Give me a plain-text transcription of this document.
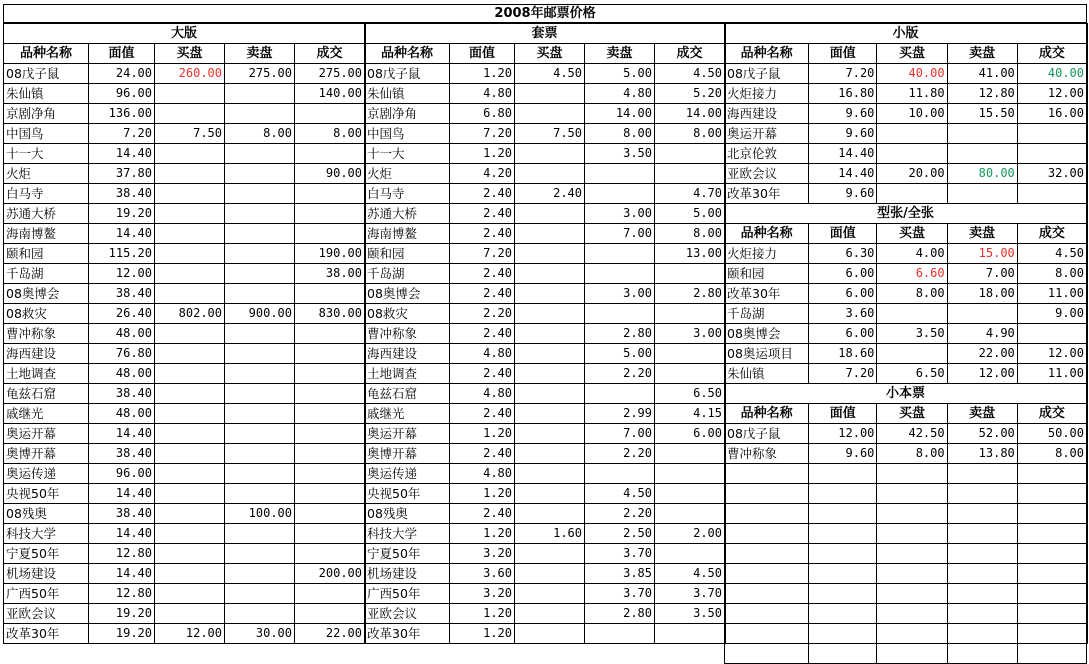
2008年邮票价格
大版				
品种名称	面值	买盘	卖盘	成交
08戊子鼠	24.00	260.00	275.00	275.00
朱仙镇	96.00			140.00
京剧净角	136.00			
中国鸟	7.20	7.50	8.00	8.00
十一大	14.40			
火炬	37.80			90.00
白马寺	38.40			
苏通大桥	19.20			
海南博鳌	14.40			
颐和园	115.20			190.00
千岛湖	12.00			38.00
08奥博会	38.40			
08救灾	26.40	802.00	900.00	830.00
曹冲称象	48.00			
海西建设	76.80			
土地调查	48.00			
龟兹石窟	38.40			
戚继光	48.00			
奥运开幕	14.40			
奥博开幕	38.40			
奥运传递	96.00			
央视50年	14.40			
08残奥	38.40		100.00	
科技大学	14.40			
宁夏50年	12.80			
机场建设	14.40			200.00
广西50年	12.80			
亚欧会议	19.20			
改革30年	19.20	12.00	30.00	22.00
套票				
品种名称	面值	买盘	卖盘	成交
08戊子鼠	1.20	4.50	5.00	4.50
朱仙镇	4.80		4.80	5.20
京剧净角	6.80		14.00	14.00
中国鸟	7.20	7.50	8.00	8.00
十一大	1.20		3.50	
火炬	4.20			
白马寺	2.40	2.40		4.70
苏通大桥	2.40		3.00	5.00
海南博鳌	2.40		7.00	8.00
颐和园	7.20			13.00
千岛湖	2.40			
08奥博会	2.40		3.00	2.80
08救灾	2.20			
曹冲称象	2.40		2.80	3.00
海西建设	4.80		5.00	
土地调查	2.40		2.20	
龟兹石窟	4.80			6.50
戚继光	2.40		2.99	4.15
奥运开幕	1.20		7.00	6.00
奥博开幕	2.40		2.20	
奥运传递	4.80			
央视50年	1.20		4.50	
08残奥	2.40		2.20	
科技大学	1.20	1.60	2.50	2.00
宁夏50年	3.20		3.70	
机场建设	3.60		3.85	4.50
广西50年	3.20		3.70	3.70
亚欧会议	1.20		2.80	3.50
改革30年	1.20			
小版				
品种名称	面值	买盘	卖盘	成交
08戊子鼠	7.20	40.00	41.00	40.00
火炬接力	16.80	11.80	12.80	12.00
海西建设	9.60	10.00	15.50	16.00
奥运开幕	9.60			
北京伦敦	14.40			
亚欧会议	14.40	20.00	80.00	32.00
改革30年	9.60			
型张/全张				
品种名称	面值	买盘	卖盘	成交
火炬接力	6.30	4.00	15.00	4.50
颐和园	6.00	6.60	7.00	8.00
改革30年	6.00	8.00	18.00	11.00
千岛湖	3.60			9.00
08奥博会	6.00	3.50	4.90	
08奥运项目	18.60		22.00	12.00
朱仙镇	7.20	6.50	12.00	11.00
小本票				
品种名称	面值	买盘	卖盘	成交
08戊子鼠	12.00	42.50	52.00	50.00
曹冲称象	9.60	8.00	13.80	8.00
